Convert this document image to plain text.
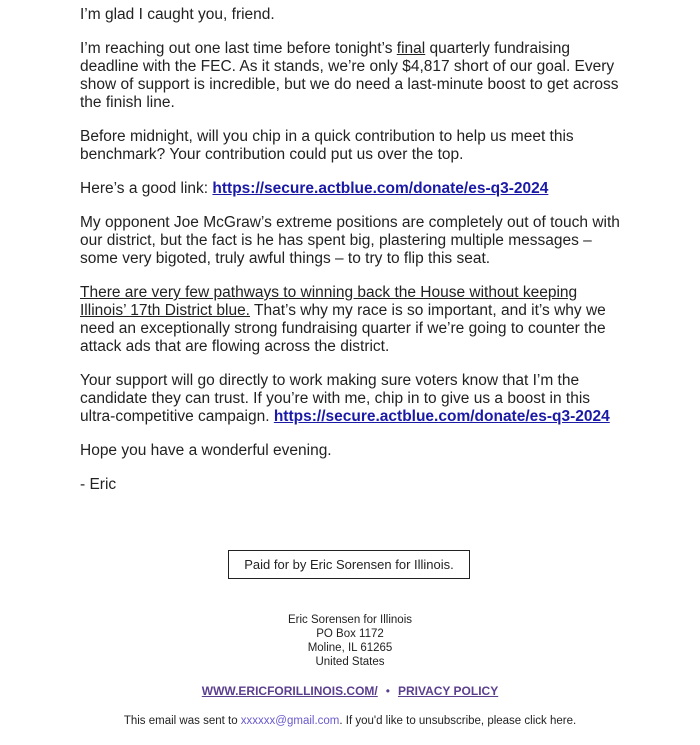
I’m glad I caught you, friend.

I’m reaching out one last time before tonight’s final quarterly fundraising deadline with the FEC. As it stands, we’re only $4,817 short of our goal. Every show of support is incredible, but we do need a last-minute boost to get across the finish line.

Before midnight, will you chip in a quick contribution to help us meet this benchmark? Your contribution could put us over the top.

Here’s a good link: https://secure.actblue.com/donate/es-q3-2024

My opponent Joe McGraw’s extreme positions are completely out of touch with our district, but the fact is he has spent big, plastering multiple messages – some very bigoted, truly awful things – to try to flip this seat.

There are very few pathways to winning back the House without keeping Illinois’ 17th District blue. That’s why my race is so important, and it’s why we need an exceptionally strong fundraising quarter if we’re going to counter the attack ads that are flowing across the district.

Your support will go directly to work making sure voters know that I’m the candidate they can trust. If you’re with me, chip in to give us a boost in this ultra-competitive campaign. https://secure.actblue.com/donate/es-q3-2024

Hope you have a wonderful evening.

- Eric

Paid for by Eric Sorensen for Illinois.
Eric Sorensen for Illinois
PO Box 1172
Moline, IL 61265
United States
WWW.ERICFORILLINOIS.COM/ • PRIVACY POLICY
This email was sent to xxxxxx@gmail.com. If you'd like to unsubscribe, please click here.
